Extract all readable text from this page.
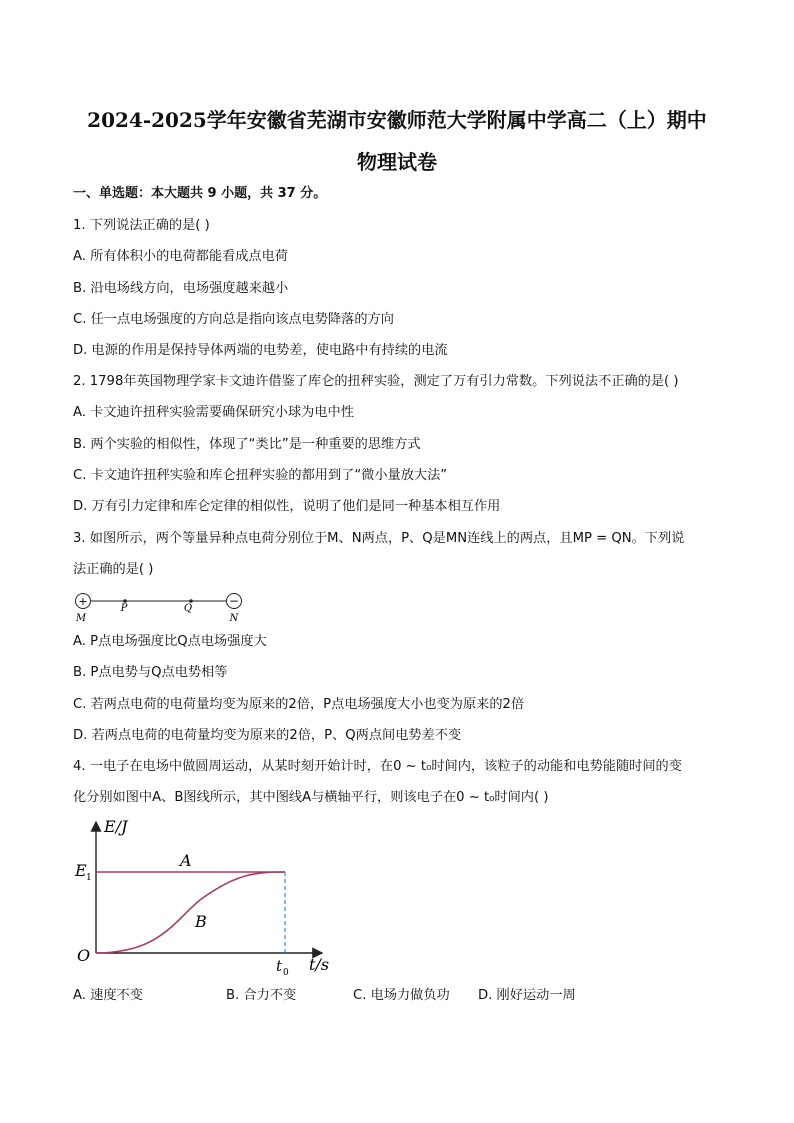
2024-2025学年安徽省芜湖市安徽师范大学附属中学高二（上）期中
物理试卷
一、单选题：本大题共 9 小题，共 37 分。
1. 下列说法正确的是( )
A. 所有体积小的电荷都能看成点电荷
B. 沿电场线方向，电场强度越来越小
C. 任一点电场强度的方向总是指向该点电势降落的方向
D. 电源的作用是保持导体两端的电势差，使电路中有持续的电流
2. 1798年英国物理学家卡文迪许借鉴了库仑的扭秤实验，测定了万有引力常数。下列说法不正确的是( )
A. 卡文迪许扭秤实验需要确保研究小球为电中性
B. 两个实验的相似性，体现了“类比”是一种重要的思维方式
C. 卡文迪许扭秤实验和库仑扭秤实验的都用到了“微小量放大法”
D. 万有引力定律和库仑定律的相似性，说明了他们是同一种基本相互作用
3. 如图所示，两个等量异种点电荷分别位于M、N两点，P、Q是MN连线上的两点，且MP = QN。下列说
法正确的是( )
+	−
P	Q
M	N
A. P点电场强度比Q点电场强度大
B. P点电势与Q点电势相等
C. 若两点电荷的电荷量均变为原来的2倍，P点电场强度大小也变为原来的2倍
D. 若两点电荷的电荷量均变为原来的2倍，P、Q两点间电势差不变
4. 一电子在电场中做圆周运动，从某时刻开始计时，在0 ~ t₀时间内，该粒子的动能和电势能随时间的变
化分别如图中A、B图线所示，其中图线A与横轴平行，则该电子在0 ~ t₀时间内( )
E/J
t/s
E 1
O
t 0
A
B
A. 速度不变	B. 合力不变	C. 电场力做负功 D. 刚好运动一周
